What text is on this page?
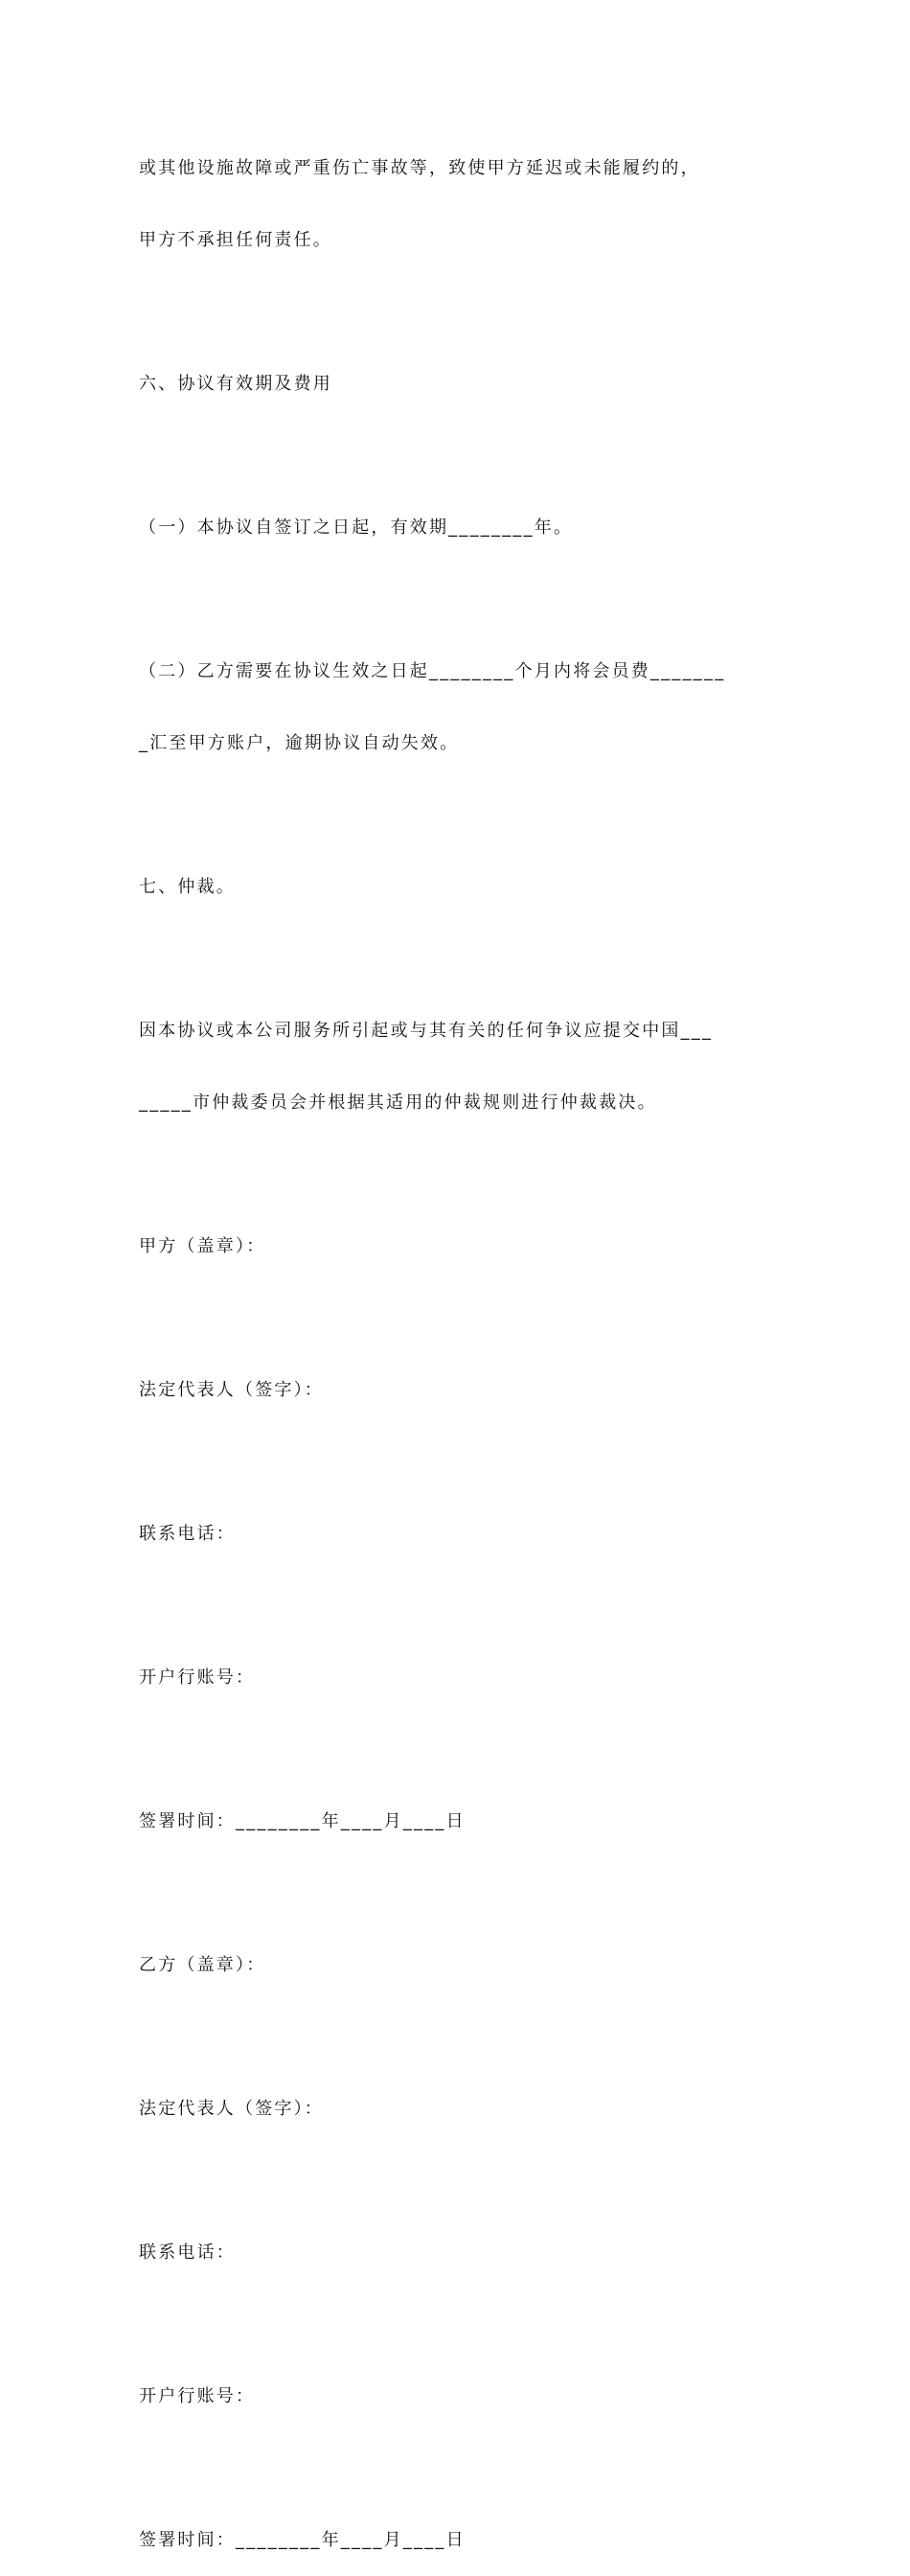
或其他设施故障或严重伤亡事故等，致使甲方延迟或未能履约的，

甲方不承担任何责任。

六、协议有效期及费用

（一）本协议自签订之日起，有效期________年。

（二）乙方需要在协议生效之日起________个月内将会员费_______

_汇至甲方账户，逾期协议自动失效。

七、仲裁。

因本协议或本公司服务所引起或与其有关的任何争议应提交中国___

_____市仲裁委员会并根据其适用的仲裁规则进行仲裁裁决。

甲方（盖章）：

法定代表人（签字）：

联系电话：

开户行账号：

签署时间：________年____月____日

乙方（盖章）：

法定代表人（签字）：

联系电话：

开户行账号：

签署时间：________年____月____日
